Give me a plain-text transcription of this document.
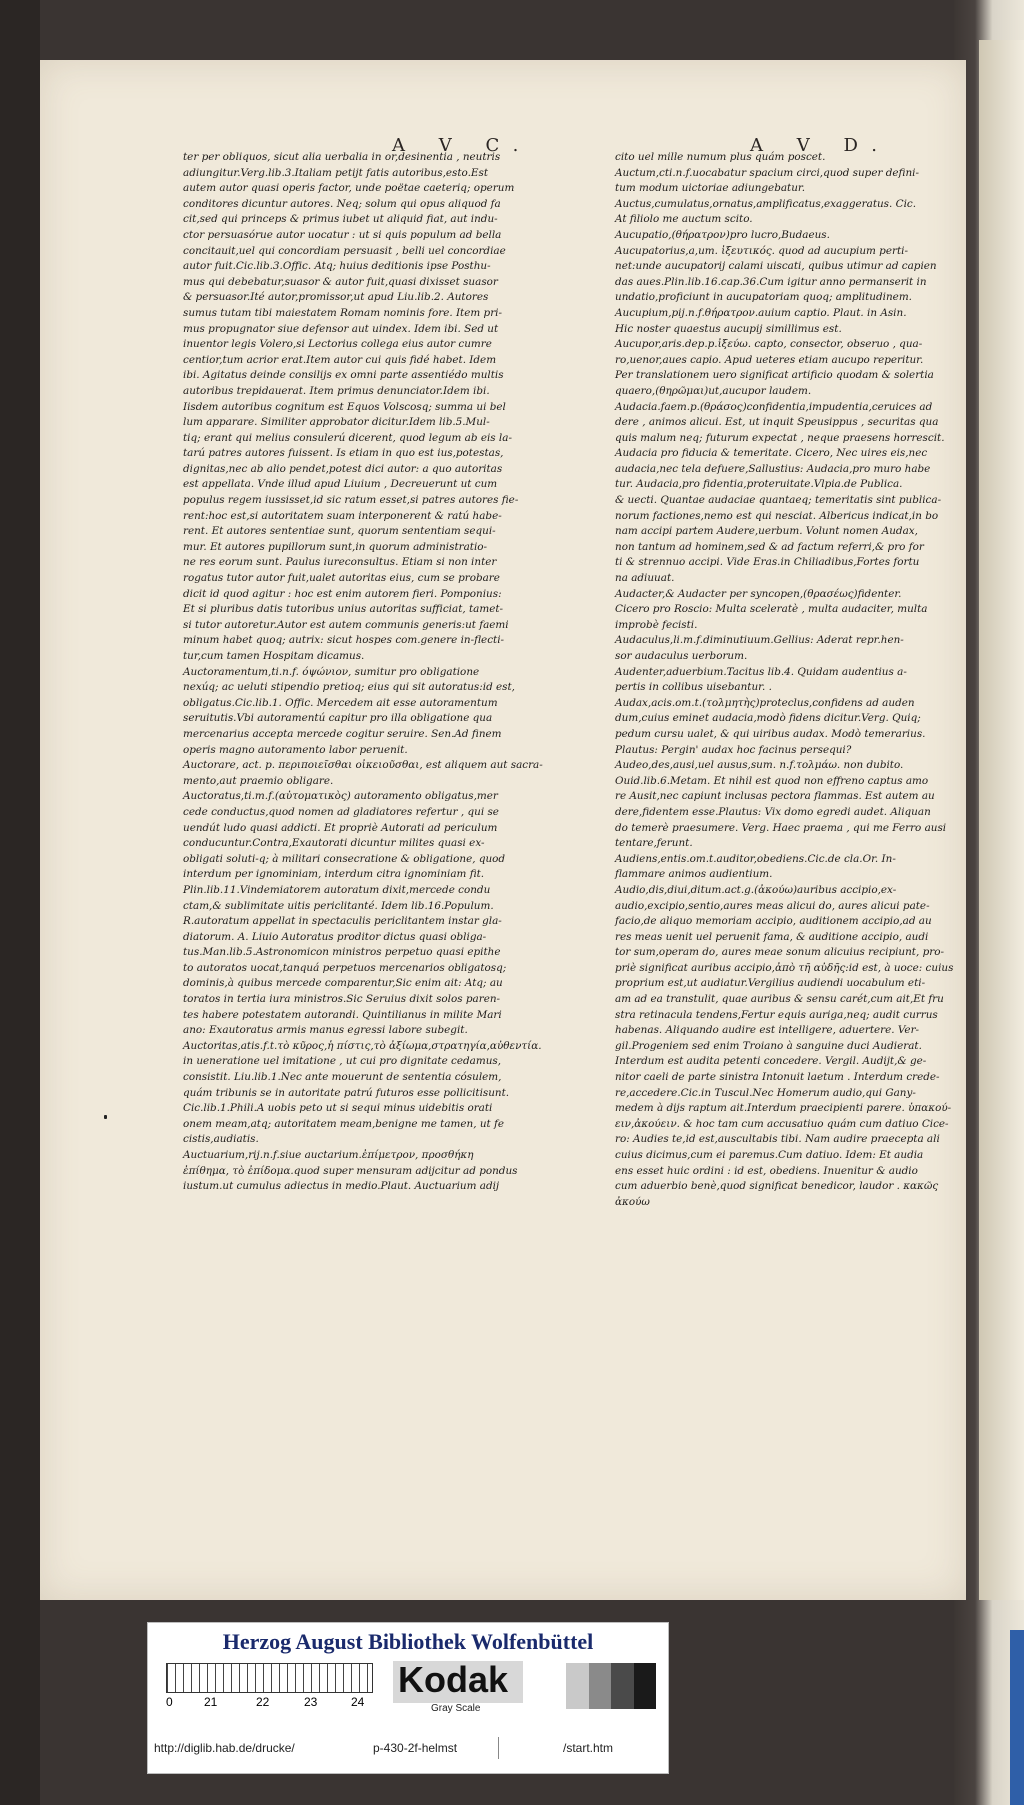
A V C.	A V D.
ter per obliquos, sicut alia uerbalia in or,desinentia , neutris
adiungitur.Verg.lib.3.Italiam petijt fatis autoribus,esto.Est
autem autor quasi operis factor, unde poëtae caeteriq; operum
conditores dicuntur autores. Neq; solum qui opus aliquod fa
cit,sed qui princeps & primus iubet ut aliquid fiat, aut indu-
ctor persuasórue autor uocatur : ut si quis populum ad bella
concitauit,uel qui concordiam persuasit , belli uel concordiae
autor fuit.Cic.lib.3.Offic. Atq; huius deditionis ipse Posthu-
mus qui debebatur,suasor & autor fuit,quasi dixisset suasor
& persuasor.Ité autor,promissor,ut apud Liu.lib.2. Autores
sumus tutam tibi maiestatem Romam nominis fore. Item pri-
mus propugnator siue defensor aut uindex. Idem ibi. Sed ut
inuentor legis Volero,si Lectorius collega eius autor cumre
centior,tum acrior erat.Item autor cui quis fidé habet. Idem
ibi. Agitatus deinde consilijs ex omni parte assentiédo multis
autoribus trepidauerat. Item primus denunciator.Idem ibi.
Iisdem autoribus cognitum est Equos Volscosq; summa ui bel
lum apparare. Similiter approbator dicitur.Idem lib.5.Mul-
tiq; erant qui melius consulerú dicerent, quod legum ab eis la-
tarú patres autores fuissent. Is etiam in quo est ius,potestas,
dignitas,nec ab alio pendet,potest dici autor: a quo autoritas
est appellata. Vnde illud apud Liuium , Decreuerunt ut cum
populus regem iussisset,id sic ratum esset,si patres autores fie-
rent:hoc est,si autoritatem suam interponerent & ratú habe-
rent. Et autores sententiae sunt, quorum sententiam sequi-
mur. Et autores pupillorum sunt,in quorum administratio-
ne res eorum sunt. Paulus iureconsultus. Etiam si non inter
rogatus tutor autor fuit,ualet autoritas eius, cum se probare
dicit id quod agitur : hoc est enim autorem fieri. Pomponius:
Et si pluribus datis tutoribus unius autoritas sufficiat, tamet-
si tutor autoretur.Autor est autem communis generis:ut faemi
minum habet quoq; autrix: sicut hospes com.genere in-flecti-
tur,cum tamen Hospitam dicamus.
Auctoramentum,ti.n.f. όψώνιον, sumitur pro obligatione
nexúq; ac ueluti stipendio pretioq; eius qui sit autoratus:id est,
obligatus.Cic.lib.1. Offic. Mercedem ait esse autoramentum
seruitutis.Vbi autoramentú capitur pro illa obligatione qua
mercenarius accepta mercede cogitur seruire. Sen.Ad finem
operis magno autoramento labor peruenit.
Auctorare, act. p. περιποιεῖσθαι οἰκειοῦσθαι, est aliquem aut sacra-
mento,aut praemio obligare.
Auctoratus,ti.m.f.(αὐτοματικὸς) autoramento obligatus,mer
cede conductus,quod nomen ad gladiatores refertur , qui se
uendút ludo quasi addicti. Et propriè Autorati ad periculum
conducuntur.Contra,Exautorati dicuntur milites quasi ex-
obligati soluti-q; à militari consecratione & obligatione, quod
interdum per ignominiam, interdum citra ignominiam fit.
Plin.lib.11.Vindemiatorem autoratum dixit,mercede condu
ctam,& sublimitate uitis periclitanté. Idem lib.16.Populum.
R.autoratum appellat in spectaculis periclitantem instar gla-
diatorum. A. Liuio Autoratus proditor dictus quasi obliga-
tus.Man.lib.5.Astronomicon ministros perpetuo quasi epithe
to autoratos uocat,tanquá perpetuos mercenarios obligatosq;
dominis,à quibus mercede comparentur,Sic enim ait: Atq; au
toratos in tertia iura ministros.Sic Seruius dixit solos paren-
tes habere potestatem autorandi. Quintilianus in milite Mari
ano: Exautoratus armis manus egressi labore subegit.
Auctoritas,atis.f.t.τὸ κῦρος,ἡ πίστις,τὸ ἀξίωμα,στρατηγία,αὐθεντία.
in ueneratione uel imitatione , ut cui pro dignitate cedamus,
consistit. Liu.lib.1.Nec ante mouerunt de sententia cósulem,
quám tribunis se in autoritate patrú futuros esse pollicitisunt.
Cic.lib.1.Phili.A uobis peto ut si sequi minus uidebitis orati
onem meam,atq; autoritatem meam,benigne me tamen, ut fe
cistis,audiatis.
Auctuarium,rij.n.f.siue auctarium.ἐπίμετρον, προσθήκη
ἐπίθημα, τὸ ἐπίδομα.quod super mensuram adijcitur ad pondus
iustum.ut cumulus adiectus in medio.Plaut. Auctuarium adij
cito uel mille numum plus quám poscet.
Auctum,cti.n.f.uocabatur spacium circi,quod super defini-
tum modum uictoriae adiungebatur.
Auctus,cumulatus,ornatus,amplificatus,exaggeratus. Cic.
At filiolo me auctum scito.
Aucupatio,(θήρατρον)pro lucro,Budaeus.
Aucupatorius,a,um. ἰξευτικός. quod ad aucupium perti-
net:unde aucupatorij calami uiscati, quibus utimur ad capien
das aues.Plin.lib.16.cap.36.Cum igitur anno permanserit in
undatio,proficiunt in aucupatoriam quoq; amplitudinem.
Aucupium,pij.n.f.θήρατρον.auium captio. Plaut. in Asin.
Hic noster quaestus aucupij simillimus est.
Aucupor,aris.dep.p.ἰξεύω. capto, consector, obseruo , qua-
ro,uenor,aues capio. Apud ueteres etiam aucupo reperitur.
Per translationem uero significat artificio quodam & solertia
quaero,(θηρῶμαι)ut,aucupor laudem.
Audacia.faem.p.(θράσος)confidentia,impudentia,ceruices ad
dere , animos alicui. Est, ut inquit Speusippus , securitas qua
quis malum neq; futurum expectat , neque praesens horrescit.
Audacia pro fiducia & temeritate. Cicero, Nec uires eis,nec
audacia,nec tela defuere,Sallustius: Audacia,pro muro habe
tur. Audacia,pro fidentia,proteruitate.Vlpia.de Publica.
& uecti. Quantae audaciae quantaeq; temeritatis sint publica-
norum factiones,nemo est qui nesciat. Albericus indicat,in bo
nam accipi partem Audere,uerbum. Volunt nomen Audax,
non tantum ad hominem,sed & ad factum referri,& pro for
ti & strennuo accipi. Vide Eras.in Chiliadibus,Fortes fortu
na adiuuat.
Audacter,& Audacter per syncopen,(θρασέως)fidenter.
Cicero pro Roscio: Multa sceleratè , multa audaciter, multa
improbè fecisti.
Audaculus,li.m.f.diminutiuum.Gellius: Aderat repr.hen-
sor audaculus uerborum.
Audenter,aduerbium.Tacitus lib.4. Quidam audentius a-
pertis in collibus uisebantur. .
Audax,acis.om.t.(τολμητὴς)proteclus,confidens ad auden
dum,cuius eminet audacia,modò fidens dicitur.Verg. Quiq;
pedum cursu ualet, & qui uiribus audax. Modò temerarius.
Plautus: Pergin' audax hoc facinus persequi?
Audeo,des,ausi,uel ausus,sum. n.f.τολμάω. non dubito.
Ouid.lib.6.Metam. Et nihil est quod non effreno captus amo
re Ausit,nec capiunt inclusas pectora flammas. Est autem au
dere,fidentem esse.Plautus: Vix domo egredi audet. Aliquan
do temerè praesumere. Verg. Haec praema , qui me Ferro ausi
tentare,ferunt.
Audiens,entis.om.t.auditor,obediens.Cic.de cla.Or. In-
flammare animos audientium.
Audio,dis,diui,ditum.act.g.(ἀκούω)auribus accipio,ex-
audio,excipio,sentio,aures meas alicui do, aures alicui pate-
facio,de aliquo memoriam accipio, auditionem accipio,ad au
res meas uenit uel peruenit fama, & auditione accipio, audi
tor sum,operam do, aures meae sonum alicuius recipiunt, pro-
priè significat auribus accipio,ἀπὸ τῆ αὐδῆς:id est, à uoce: cuius
proprium est,ut audiatur.Vergilius audiendi uocabulum eti-
am ad ea transtulit, quae auribus & sensu carét,cum ait,Et fru
stra retinacula tendens,Fertur equis auriga,neq; audit currus
habenas. Aliquando audire est intelligere, aduertere. Ver-
gil.Progeniem sed enim Troiano à sanguine duci Audierat.
Interdum est audita petenti concedere. Vergil. Audijt,& ge-
nitor caeli de parte sinistra Intonuit laetum . Interdum crede-
re,accedere.Cic.in Tuscul.Nec Homerum audio,qui Gany-
medem à dijs raptum ait.Interdum praecipienti parere. ὑπακού-
ειν,ἀκούειν. & hoc tam cum accusatiuo quám cum datiuo Cice-
ro: Audies te,id est,auscultabis tibi. Nam audire praecepta ali
cuius dicimus,cum ei paremus.Cum datiuo. Idem: Et audia
ens esset huic ordini : id est, obediens. Inuenitur & audio
cum aduerbio benè,quod significat benedicor, laudor . κακῶς
ἀκούω
Herzog August Bibliothek Wolfenbüttel
0	21	22	23	24
Kodak
Gray Scale
http://diglib.hab.de/drucke/	p-430-2f-helmst	/start.htm
